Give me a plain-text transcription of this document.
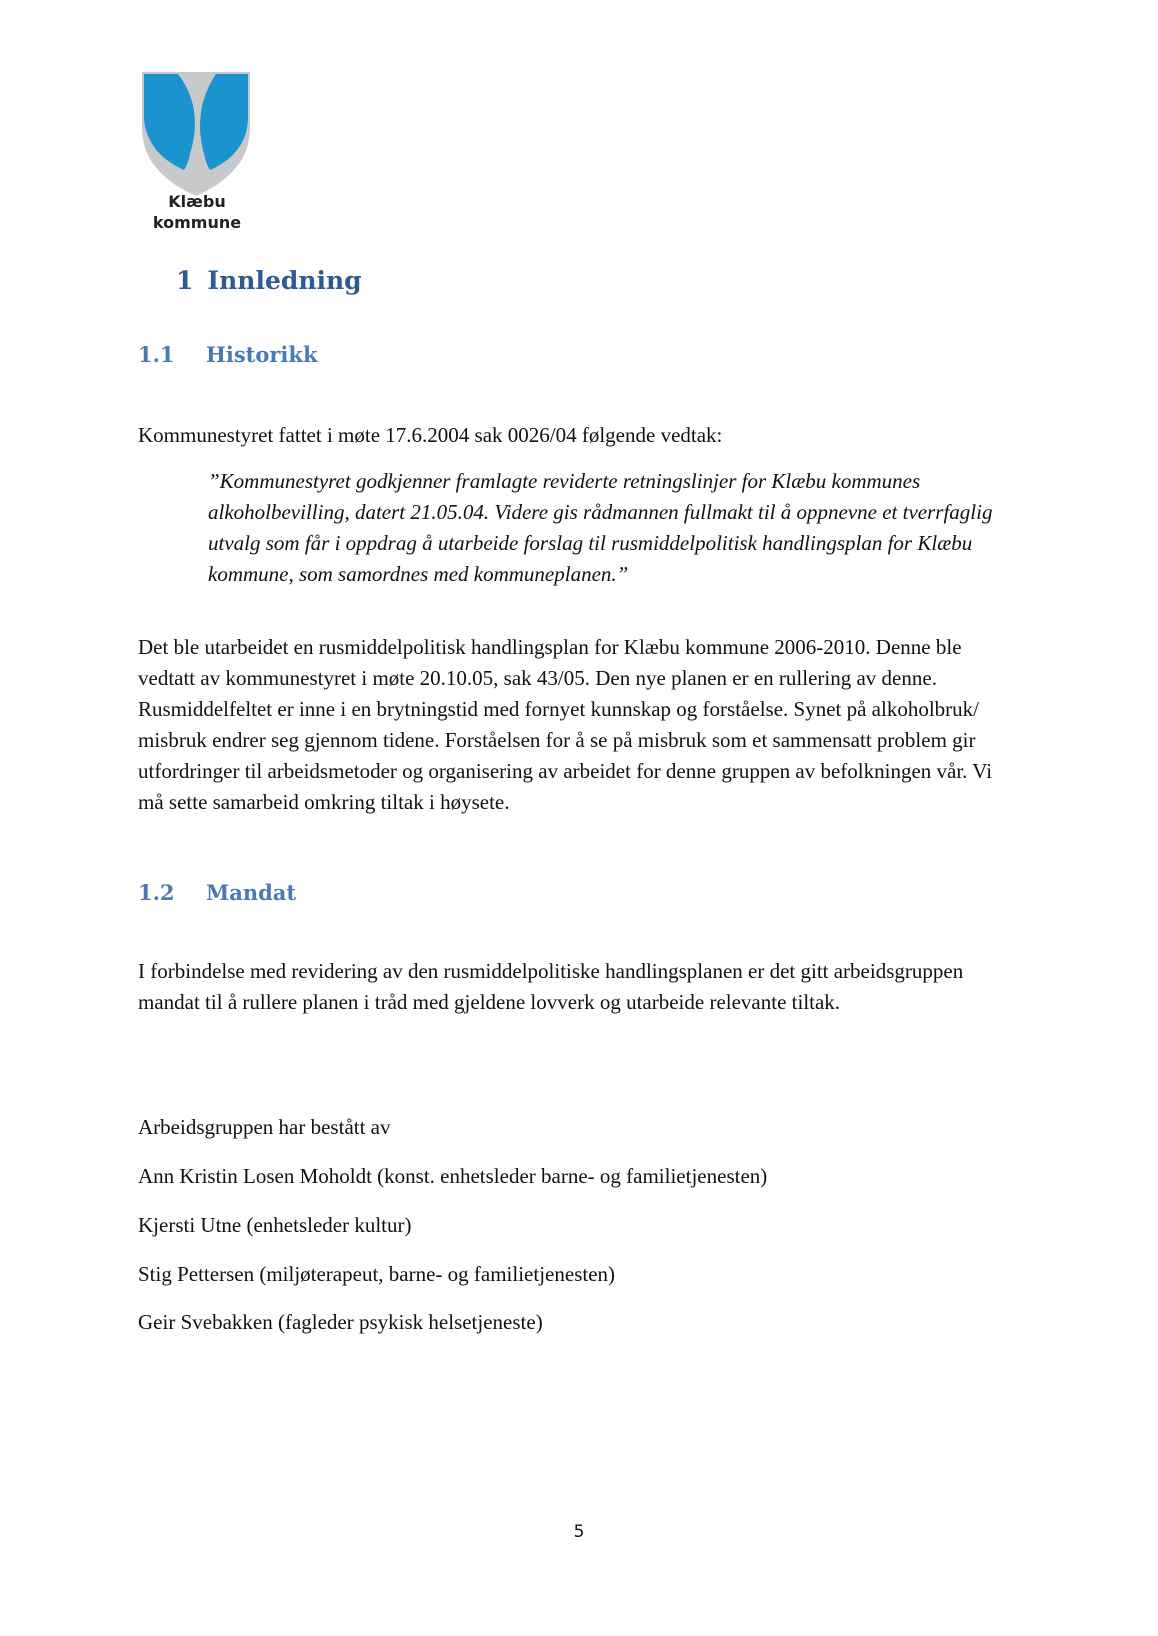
Klæbu
kommune
1 Innledning
1.1 Historikk
Kommunestyret fattet i møte 17.6.2004 sak 0026/04 følgende vedtak:
”Kommunestyret godkjenner framlagte reviderte retningslinjer for Klæbu kommunes alkoholbevilling, datert 21.05.04. Videre gis rådmannen fullmakt til å oppnevne et tverrfaglig utvalg som får i oppdrag å utarbeide forslag til rusmiddelpolitisk handlingsplan for Klæbu kommune, som samordnes med kommuneplanen.”
Det ble utarbeidet en rusmiddelpolitisk handlingsplan for Klæbu kommune 2006-2010. Denne ble vedtatt av kommunestyret i møte 20.10.05, sak 43/05. Den nye planen er en rullering av denne. Rusmiddelfeltet er inne i en brytningstid med fornyet kunnskap og forståelse. Synet på alkoholbruk/ misbruk endrer seg gjennom tidene. Forståelsen for å se på misbruk som et sammensatt problem gir utfordringer til arbeidsmetoder og organisering av arbeidet for denne gruppen av befolkningen vår. Vi må sette samarbeid omkring tiltak i høysete.
1.2 Mandat
I forbindelse med revidering av den rusmiddelpolitiske handlingsplanen er det gitt arbeidsgruppen mandat til å rullere planen i tråd med gjeldene lovverk og utarbeide relevante tiltak.
Arbeidsgruppen har bestått av
Ann Kristin Losen Moholdt (konst. enhetsleder barne- og familietjenesten)
Kjersti Utne (enhetsleder kultur)
Stig Pettersen (miljøterapeut, barne- og familietjenesten)
Geir Svebakken (fagleder psykisk helsetjeneste)
5
